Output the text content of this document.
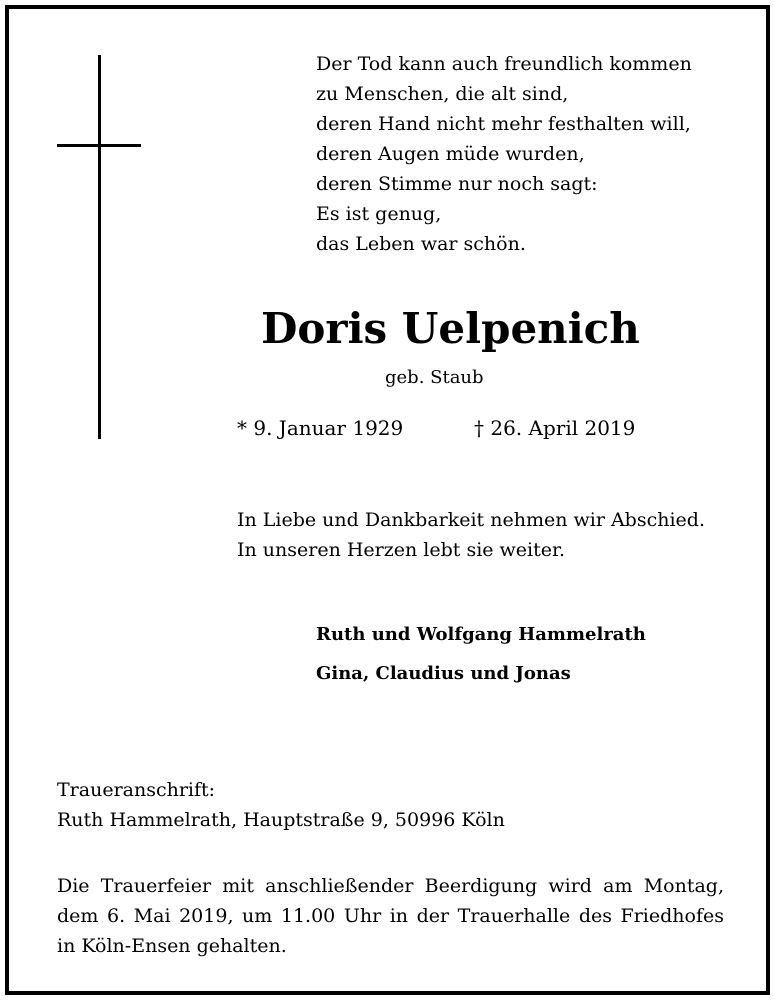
Der Tod kann auch freundlich kommen
zu Menschen, die alt sind,
deren Hand nicht mehr festhalten will,
deren Augen müde wurden,
deren Stimme nur noch sagt:
Es ist genug,
das Leben war schön.
Doris Uelpenich
geb. Staub
* 9. Januar 1929	† 26. April 2019
In Liebe und Dankbarkeit nehmen wir Abschied.
In unseren Herzen lebt sie weiter.
Ruth und Wolfgang Hammelrath
Gina, Claudius und Jonas
Traueranschrift:
Ruth Hammelrath, Hauptstraße 9, 50996 Köln
Die Trauerfeier mit anschließender Beerdigung wird am Montag,
dem 6. Mai 2019, um 11.00 Uhr in der Trauerhalle des Friedhofes
in Köln-Ensen gehalten.
